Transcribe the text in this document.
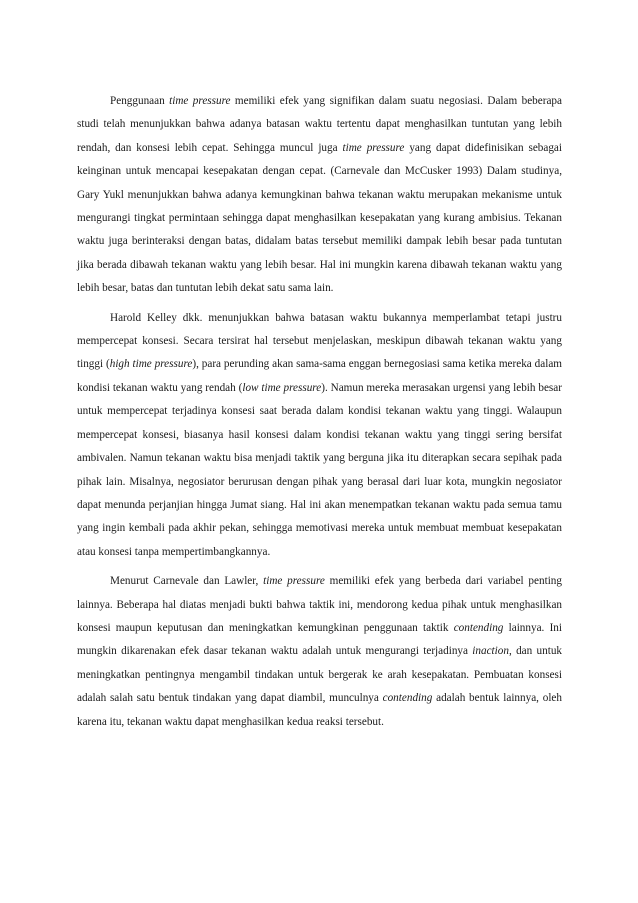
Penggunaan time pressure memiliki efek yang signifikan dalam suatu negosiasi. Dalam beberapa studi telah menunjukkan bahwa adanya batasan waktu tertentu dapat menghasilkan tuntutan yang lebih rendah, dan konsesi lebih cepat. Sehingga muncul juga time pressure yang dapat didefinisikan sebagai keinginan untuk mencapai kesepakatan dengan cepat. (Carnevale dan McCusker 1993) Dalam studinya, Gary Yukl menunjukkan bahwa adanya kemungkinan bahwa tekanan waktu merupakan mekanisme untuk mengurangi tingkat permintaan sehingga dapat menghasilkan kesepakatan yang kurang ambisius. Tekanan waktu juga berinteraksi dengan batas, didalam batas tersebut memiliki dampak lebih besar pada tuntutan jika berada dibawah tekanan waktu yang lebih besar. Hal ini mungkin karena dibawah tekanan waktu yang lebih besar, batas dan tuntutan lebih dekat satu sama lain.

Harold Kelley dkk. menunjukkan bahwa batasan waktu bukannya memperlambat tetapi justru mempercepat konsesi. Secara tersirat hal tersebut menjelaskan, meskipun dibawah tekanan waktu yang tinggi (high time pressure), para perunding akan sama-sama enggan bernegosiasi sama ketika mereka dalam kondisi tekanan waktu yang rendah (low time pressure). Namun mereka merasakan urgensi yang lebih besar untuk mempercepat terjadinya konsesi saat berada dalam kondisi tekanan waktu yang tinggi. Walaupun mempercepat konsesi, biasanya hasil konsesi dalam kondisi tekanan waktu yang tinggi sering bersifat ambivalen. Namun tekanan waktu bisa menjadi taktik yang berguna jika itu diterapkan secara sepihak pada pihak lain. Misalnya, negosiator berurusan dengan pihak yang berasal dari luar kota, mungkin negosiator dapat menunda perjanjian hingga Jumat siang. Hal ini akan menempatkan tekanan waktu pada semua tamu yang ingin kembali pada akhir pekan, sehingga memotivasi mereka untuk membuat membuat kesepakatan atau konsesi tanpa mempertimbangkannya.

Menurut Carnevale dan Lawler, time pressure memiliki efek yang berbeda dari variabel penting lainnya. Beberapa hal diatas menjadi bukti bahwa taktik ini, mendorong kedua pihak untuk menghasilkan konsesi maupun keputusan dan meningkatkan kemungkinan penggunaan taktik contending lainnya. Ini mungkin dikarenakan efek dasar tekanan waktu adalah untuk mengurangi terjadinya inaction, dan untuk meningkatkan pentingnya mengambil tindakan untuk bergerak ke arah kesepakatan. Pembuatan konsesi adalah salah satu bentuk tindakan yang dapat diambil, munculnya contending adalah bentuk lainnya, oleh karena itu, tekanan waktu dapat menghasilkan kedua reaksi tersebut.
